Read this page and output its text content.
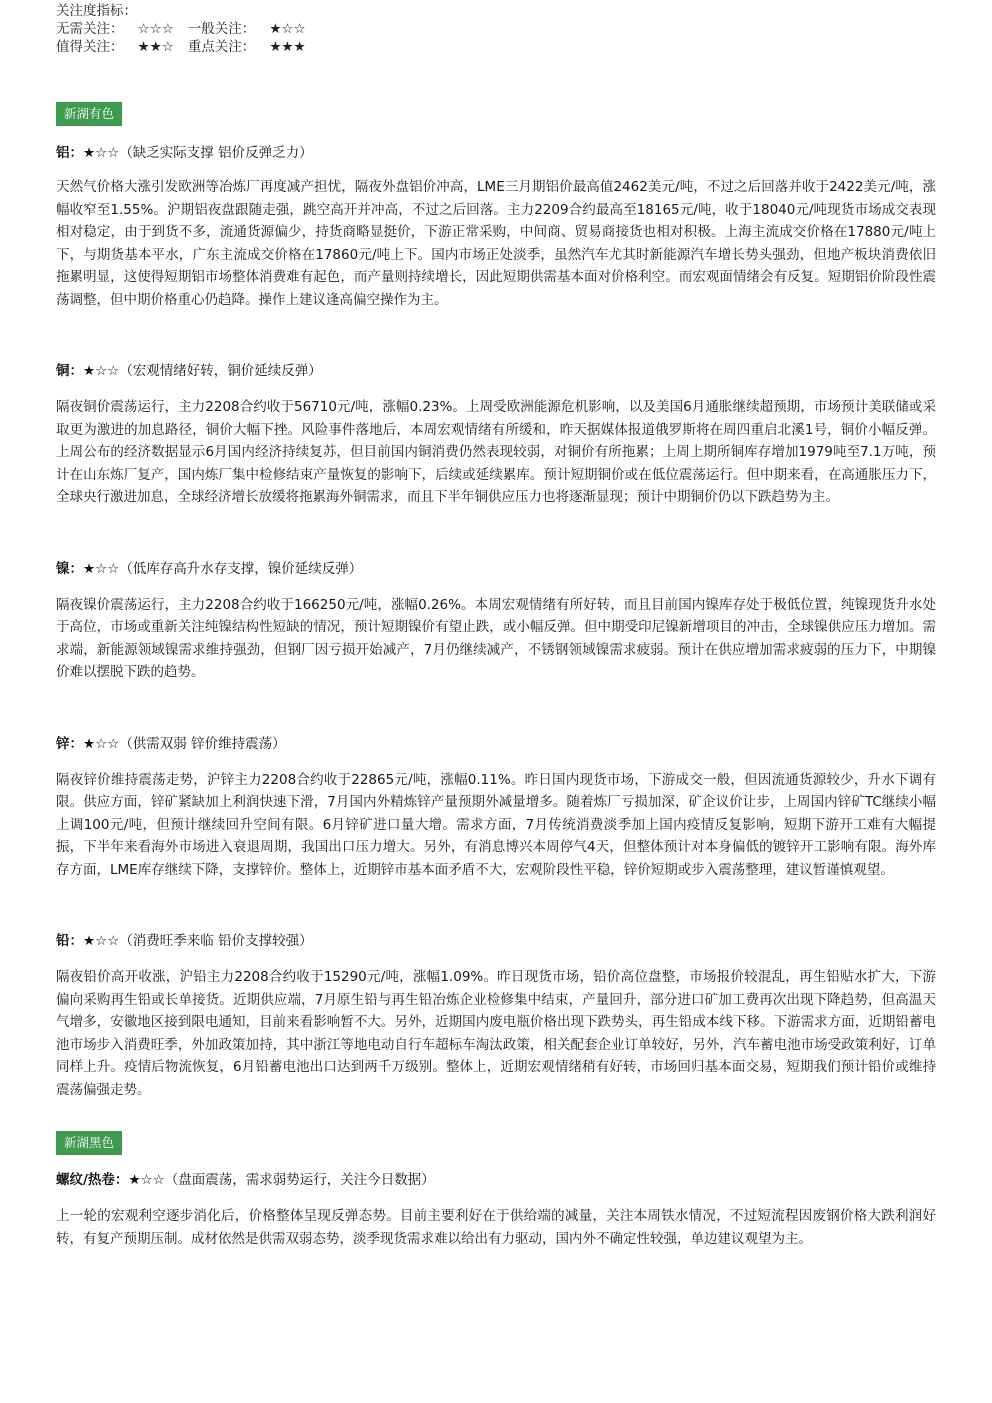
关注度指标：
无需关注： ☆☆☆ 一般关注： ★☆☆
值得关注： ★★☆ 重点关注： ★★★
新湖有色
铝：★☆☆（缺乏实际支撑 铝价反弹乏力）

天然气价格大涨引发欧洲等冶炼厂再度减产担忧，隔夜外盘铝价冲高，LME三月期铝价最高值2462美元/吨，不过之后回落并收于2422美元/吨，涨幅收窄至1.55%。沪期铝夜盘跟随走强，跳空高开并冲高，不过之后回落。主力2209合约最高至18165元/吨，收于18040元/吨现货市场成交表现相对稳定，由于到货不多，流通货源偏少，持货商略显挺价，下游正常采购，中间商、贸易商接货也相对积极。上海主流成交价格在17880元/吨上下，与期货基本平水，广东主流成交价格在17860元/吨上下。国内市场正处淡季，虽然汽车尤其时新能源汽车增长势头强劲，但地产板块消费依旧拖累明显，这使得短期铝市场整体消费难有起色，而产量则持续增长，因此短期供需基本面对价格利空。而宏观面情绪会有反复。短期铝价阶段性震荡调整，但中期价格重心仍趋降。操作上建议逢高偏空操作为主。

铜：★☆☆（宏观情绪好转，铜价延续反弹）

隔夜铜价震荡运行，主力2208合约收于56710元/吨，涨幅0.23%。上周受欧洲能源危机影响，以及美国6月通胀继续超预期，市场预计美联储或采取更为激进的加息路径，铜价大幅下挫。风险事件落地后，本周宏观情绪有所缓和，昨天据媒体报道俄罗斯将在周四重启北溪1号，铜价小幅反弹。上周公布的经济数据显示6月国内经济持续复苏，但目前国内铜消费仍然表现较弱，对铜价有所拖累；上周上期所铜库存增加1979吨至7.1万吨，预计在山东炼厂复产，国内炼厂集中检修结束产量恢复的影响下，后续或延续累库。预计短期铜价或在低位震荡运行。但中期来看，在高通胀压力下，全球央行激进加息，全球经济增长放缓将拖累海外铜需求，而且下半年铜供应压力也将逐渐显现；预计中期铜价仍以下跌趋势为主。

镍：★☆☆（低库存高升水存支撑，镍价延续反弹）

隔夜镍价震荡运行，主力2208合约收于166250元/吨，涨幅0.26%。本周宏观情绪有所好转，而且目前国内镍库存处于极低位置，纯镍现货升水处于高位，市场或重新关注纯镍结构性短缺的情况，预计短期镍价有望止跌，或小幅反弹。但中期受印尼镍新增项目的冲击，全球镍供应压力增加。需求端，新能源领域镍需求维持强劲，但钢厂因亏损开始减产，7月仍继续减产，不锈钢领域镍需求疲弱。预计在供应增加需求疲弱的压力下，中期镍价难以摆脱下跌的趋势。

锌：★☆☆（供需双弱 锌价维持震荡）

隔夜锌价维持震荡走势，沪锌主力2208合约收于22865元/吨，涨幅0.11%。昨日国内现货市场，下游成交一般，但因流通货源较少，升水下调有限。供应方面，锌矿紧缺加上利润快速下滑，7月国内外精炼锌产量预期外减量增多。随着炼厂亏损加深，矿企议价让步，上周国内锌矿TC继续小幅上调100元/吨，但预计继续回升空间有限。6月锌矿进口量大增。需求方面，7月传统消费淡季加上国内疫情反复影响，短期下游开工难有大幅提振，下半年来看海外市场进入衰退周期，我国出口压力增大。另外，有消息博兴本周停气4天，但整体预计对本身偏低的镀锌开工影响有限。海外库存方面，LME库存继续下降，支撑锌价。整体上，近期锌市基本面矛盾不大，宏观阶段性平稳，锌价短期或步入震荡整理，建议暂谨慎观望。

铅：★☆☆（消费旺季来临 铅价支撑较强）

隔夜铅价高开收涨，沪铅主力2208合约收于15290元/吨，涨幅1.09%。昨日现货市场，铅价高位盘整，市场报价较混乱，再生铅贴水扩大，下游偏向采购再生铅或长单接货。近期供应端，7月原生铅与再生铅冶炼企业检修集中结束，产量回升，部分进口矿加工费再次出现下降趋势，但高温天气增多，安徽地区接到限电通知，目前来看影响暂不大。另外，近期国内废电瓶价格出现下跌势头，再生铅成本线下移。下游需求方面，近期铅蓄电池市场步入消费旺季，外加政策加持，其中浙江等地电动自行车超标车淘汰政策，相关配套企业订单较好，另外，汽车蓄电池市场受政策利好，订单同样上升。疫情后物流恢复，6月铅蓄电池出口达到两千万级别。整体上，近期宏观情绪稍有好转，市场回归基本面交易，短期我们预计铅价或维持震荡偏强走势。

新湖黑色
螺纹/热卷：★☆☆（盘面震荡，需求弱势运行，关注今日数据）

上一轮的宏观利空逐步消化后，价格整体呈现反弹态势。目前主要利好在于供给端的减量，关注本周铁水情况，不过短流程因废钢价格大跌利润好转，有复产预期压制。成材依然是供需双弱态势，淡季现货需求难以给出有力驱动，国内外不确定性较强，单边建议观望为主。
